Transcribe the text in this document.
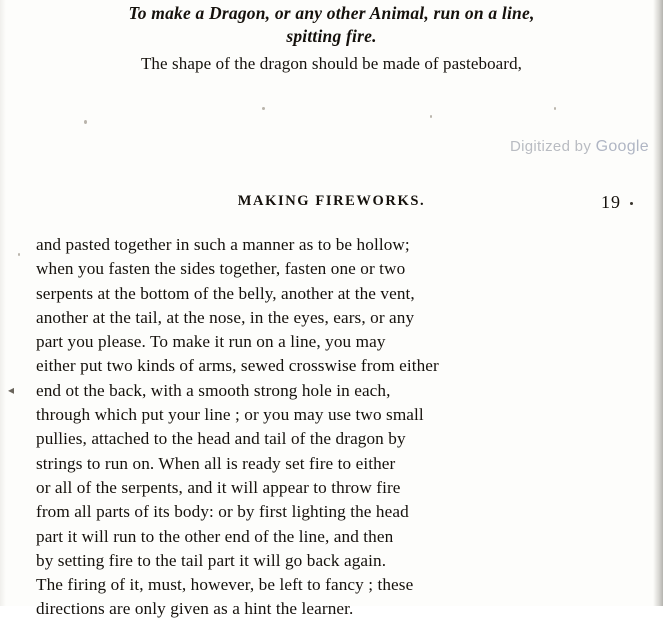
To make a Dragon, or any other Animal, run on a line,
spitting fire.
The shape of the dragon should be made of pasteboard,
Digitized by Google
MAKING FIREWORKS.	19
◂
and pasted together in such a manner as to be hollow;
when you fasten the sides together, fasten one or two
serpents at the bottom of the belly, another at the vent,
another at the tail, at the nose, in the eyes, ears, or any
part you please. To make it run on a line, you may
either put two kinds of arms, sewed crosswise from either
end ot the back, with a smooth strong hole in each,
through which put your line ; or you may use two small
pullies, attached to the head and tail of the dragon by
strings to run on. When all is ready set fire to either
or all of the serpents, and it will appear to throw fire
from all parts of its body: or by first lighting the head
part it will run to the other end of the line, and then
by setting fire to the tail part it will go back again.
The firing of it, must, however, be left to fancy ; these
directions are only given as a hint the learner.
